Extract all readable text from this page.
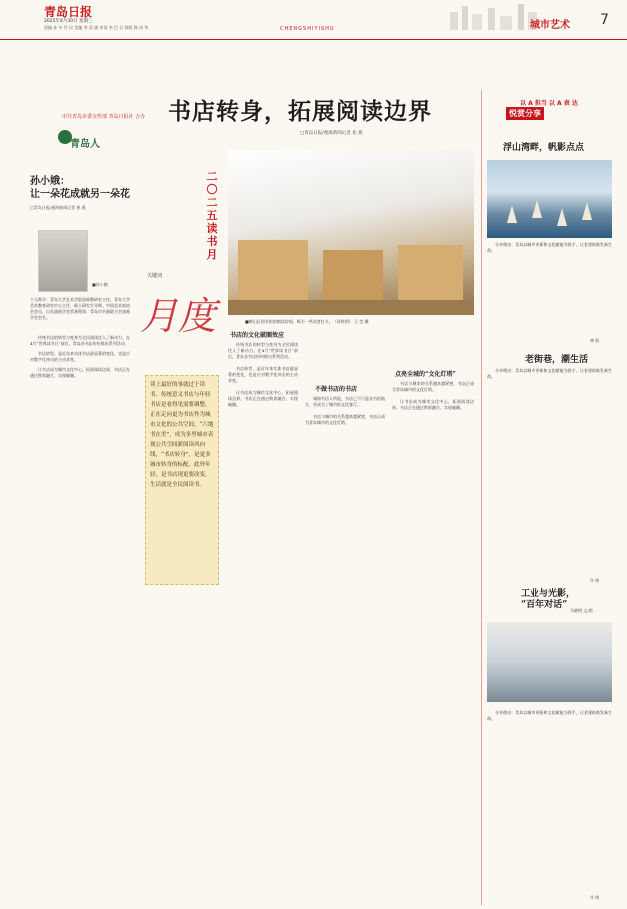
青岛日报
2025年4月30日 星期三
责编 孙 中 世 民 美编 李 雨 涵 审读 李 巴 吾 排版 韩 涛 华	CHENGSHIYISHU	城市艺术 7
书店转身，拓展阅读边界
□青岛日报/观海新闻记者 崔 燕
中共青岛市委宣传部 青岛日报社 合办
青岛人
孙小娥：
让一朵花成就另一朵花
□青岛日报/观海新闻记者 崔 燕
■孙小娥
个人简介：青岛大学艺术学院油画教研室主任，青岛大学美术教育研究中心主任，硕士研究生导师。中国美术家协会会员，山东油画学会常务理事，青岛市书画联合会油画学会会长。

传统书店的转型与变身为全民阅读注入了新动力。在4月“世界读书日”前后，青岛各书店纷纷推出系列活动。

书店转型，是近年来实体书店最显著的变化，也是应对数字化冲击的主动求变。

让书店成为城市文化中心，拓展阅读边界，书店正在通过跨界融合，实现破圈。

关键词
月度
二〇二五读书月

读上最好的事就过于读书。传统意义书店与年轻书店是看得见需要调整，正在走向更为书店作为城市文化的公共空间，“六地书在美”，成为多里城市表现公共空间新阅读风向线，“书店转身”，是更多城市转身的标配。此外年轻，是书店现更要改变，生活就是全民阅读书。

■崂山区图书馆的朗读房间，吸引一些读者打卡。（资料图） 王 莹 摄
书店的文化破圈效应

传统书店的转型与变身为全民阅读注入了新动力。在4月“世界读书日”前后，青岛各书店纷纷推出系列活动。

书店转型，是近年来实体书店最显著的变化，也是应对数字化冲击的主动求变。

让书店成为城市文化中心，拓展阅读边界，书店正在通过跨界融合，实现破圈。

不做书店的书店

诚如书店人所说，书店已不只是卖书的地方，更成为了城市的文化客厅。

书店与城市的关系越来越紧密，书店正成为青岛城市的文化灯塔。

点亮全城的“文化灯塔”

书店与城市的关系越来越紧密，书店正成为青岛城市的文化灯塔。

让书店成为城市文化中心，拓展阅读边界，书店正在通过跨界融合，实现破圈。

以 A 担当 以 A 表 达
悦赏分享
浮山湾畔，帆影点点

分享理由：青岛以城市更新和文化赋能为抓手，让老建筑焕发新生命。

林 跃
老街巷，潮生活

分享理由：青岛以城市更新和文化赋能为抓手，让老建筑焕发新生命。

许 明
工业与光影，
“百年对话”
马晓明 文/图

分享理由：青岛以城市更新和文化赋能为抓手，让老建筑焕发新生命。

许 明
